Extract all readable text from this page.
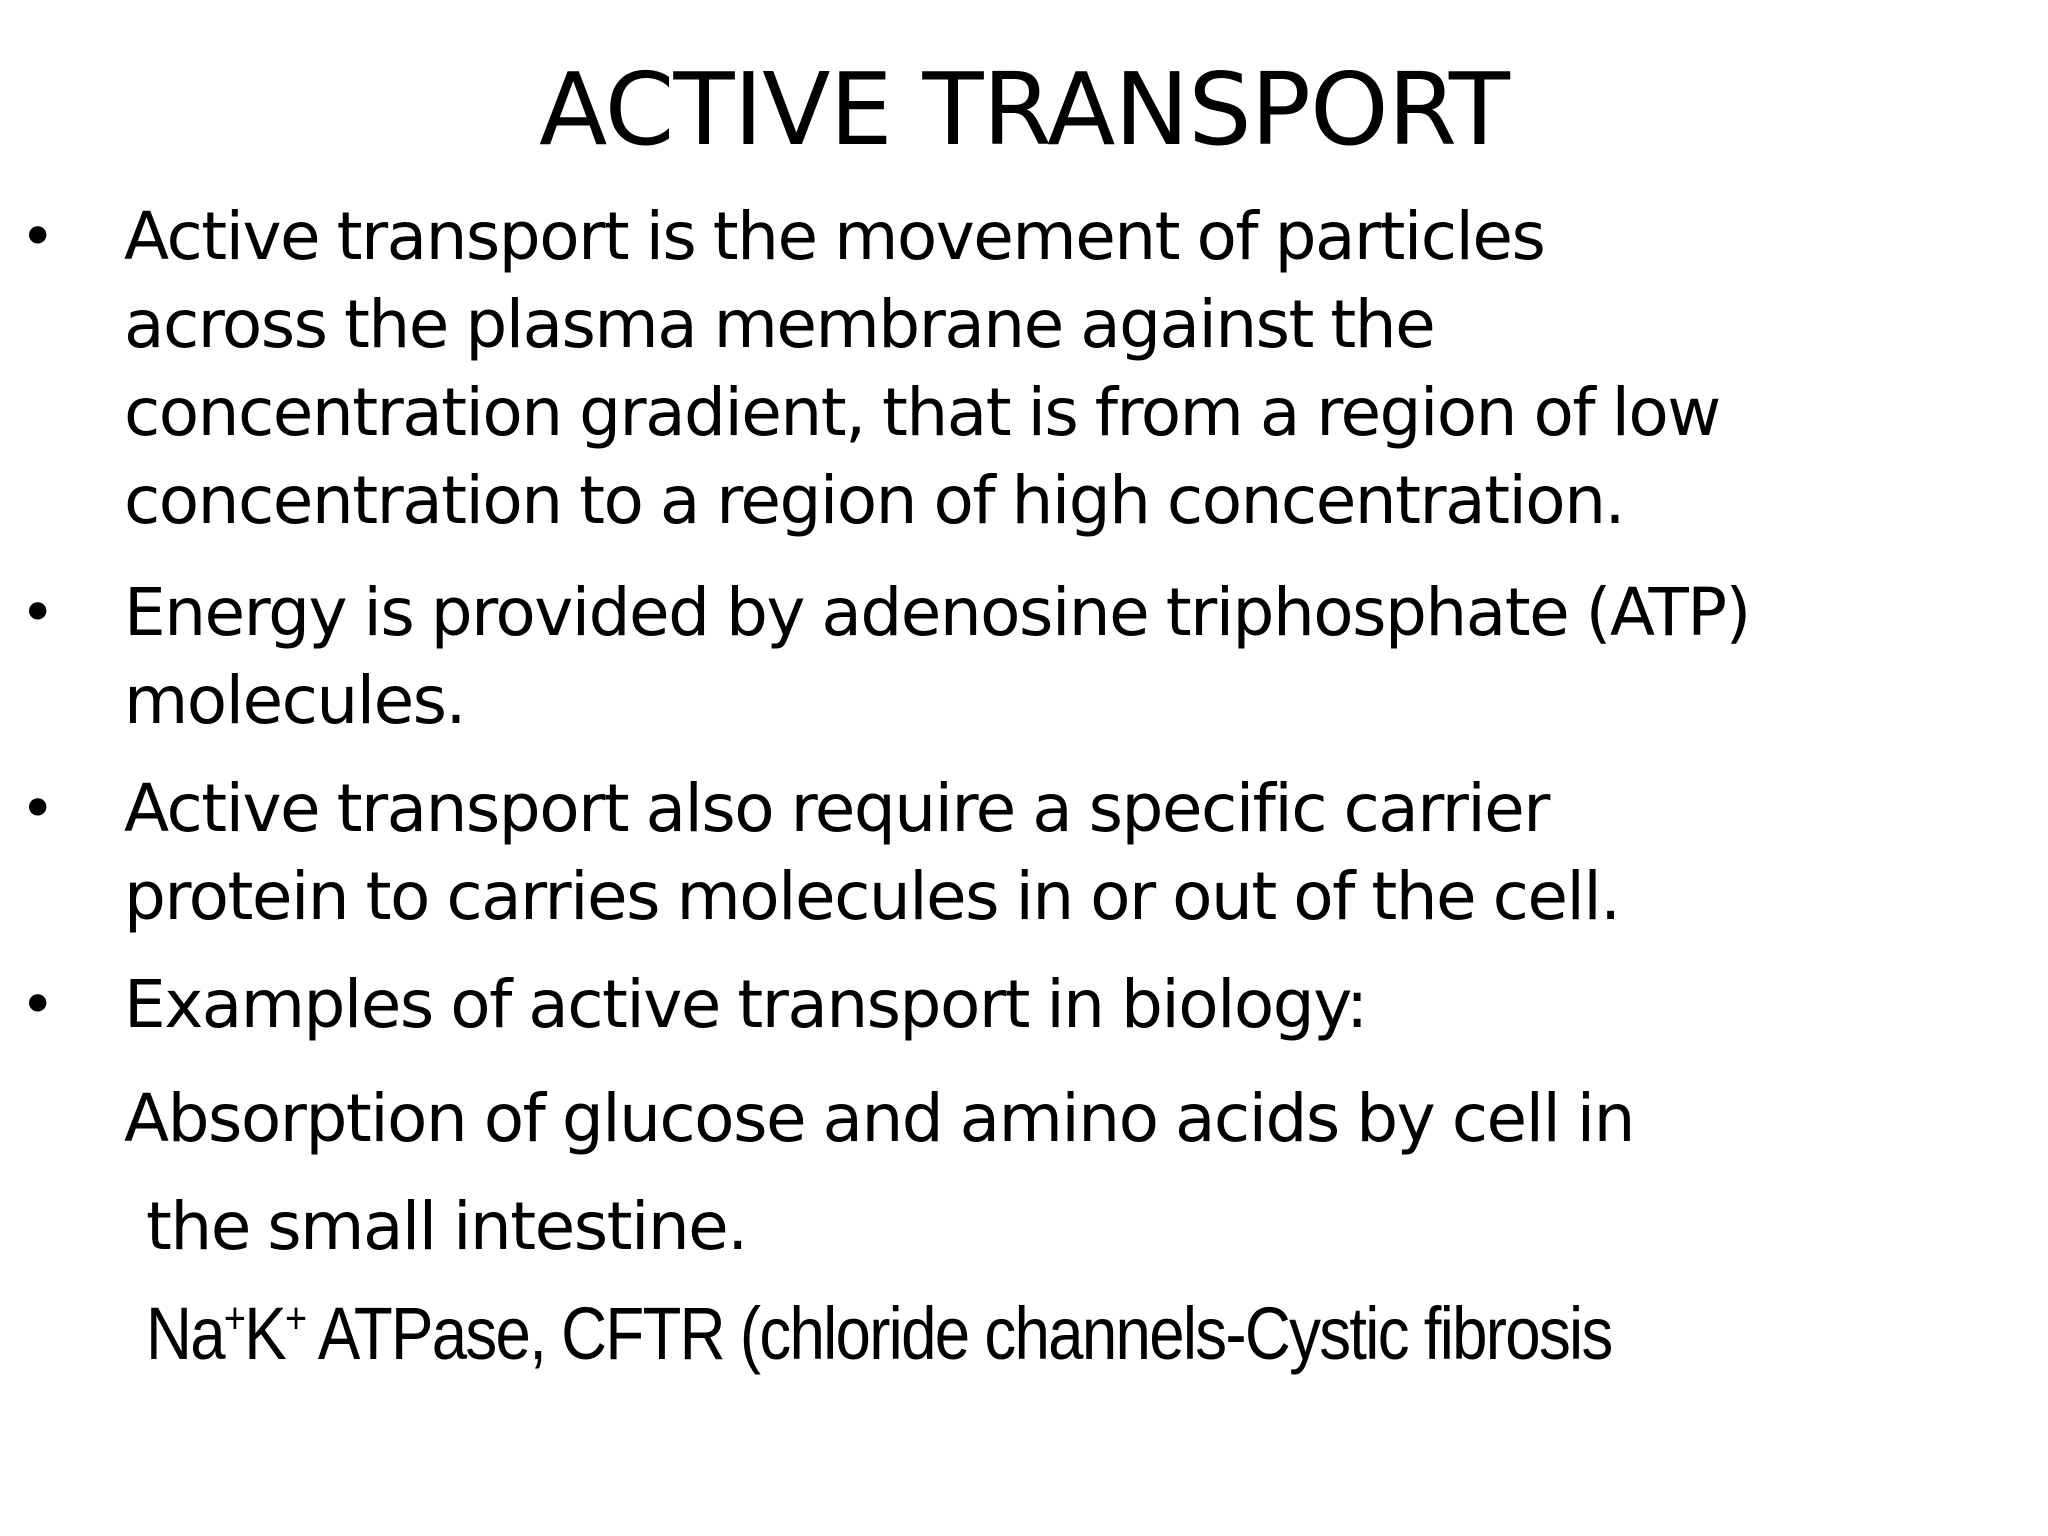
ACTIVE TRANSPORT
• Active transport is the movement of particles
across the plasma membrane against the
concentration gradient, that is from a region of low
concentration to a region of high concentration.
• Energy is provided by adenosine triphosphate (ATP)
molecules.
• Active transport also require a specific carrier
protein to carries molecules in or out of the cell.
• Examples of active transport in biology:
Absorption of glucose and amino acids by cell in
the small intestine.
Na+K+ ATPase, CFTR (chloride channels-Cystic fibrosis
